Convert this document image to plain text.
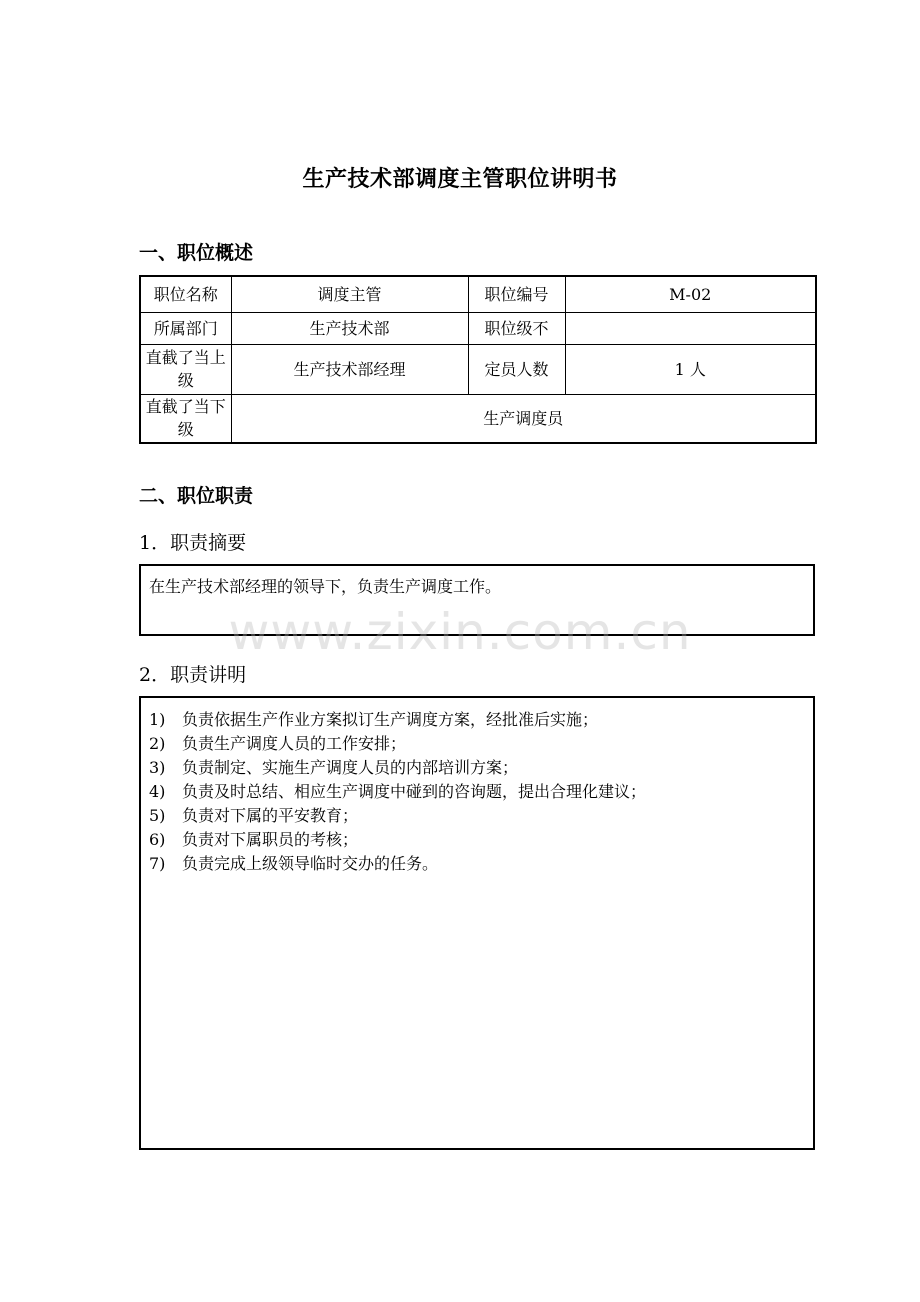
生产技术部调度主管职位讲明书
一、职位概述
职位名称	调度主管	职位编号	M-02
所属部门	生产技术部	职位级不	
直截了当上级	生产技术部经理	定员人数	1 人
直截了当下级	生产调度员		
二、职位职责
1．职责摘要
在生产技术部经理的领导下，负责生产调度工作。
www.zixin.com.cn
2．职责讲明
1) 负责依据生产作业方案拟订生产调度方案，经批准后实施；
2) 负责生产调度人员的工作安排；
3) 负责制定、实施生产调度人员的内部培训方案；
4) 负责及时总结、相应生产调度中碰到的咨询题，提出合理化建议；
5) 负责对下属的平安教育；
6) 负责对下属职员的考核；
7) 负责完成上级领导临时交办的任务。
